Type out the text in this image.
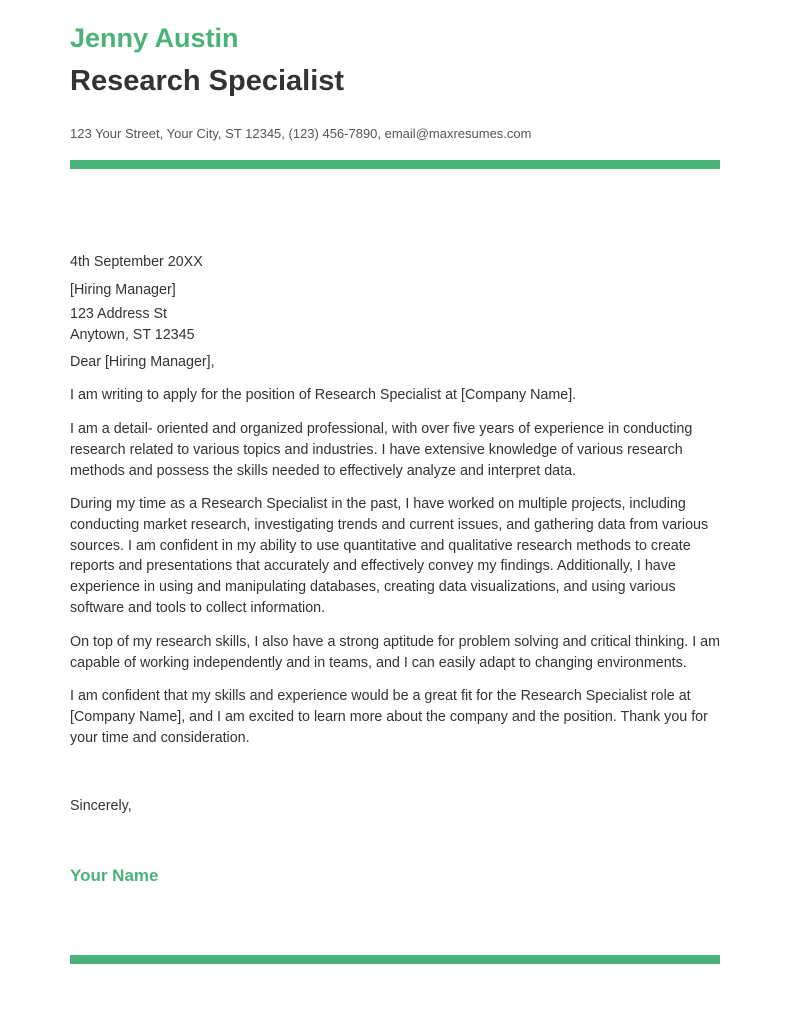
Jenny Austin
Research Specialist
123 Your Street, Your City, ST 12345, (123) 456-7890, email@maxresumes.com
4th September 20XX
[Hiring Manager]

123 Address St

Anytown, ST 12345

Dear [Hiring Manager],
I am writing to apply for the position of Research Specialist at [Company Name].
I am a detail- oriented and organized professional, with over five years of experience in conducting research related to various topics and industries. I have extensive knowledge of various research methods and possess the skills needed to effectively analyze and interpret data.
During my time as a Research Specialist in the past, I have worked on multiple projects, including conducting market research, investigating trends and current issues, and gathering data from various sources. I am confident in my ability to use quantitative and qualitative research methods to create reports and presentations that accurately and effectively convey my findings. Additionally, I have experience in using and manipulating databases, creating data visualizations, and using various software and tools to collect information.
On top of my research skills, I also have a strong aptitude for problem solving and critical thinking. I am capable of working independently and in teams, and I can easily adapt to changing environments.
I am confident that my skills and experience would be a great fit for the Research Specialist role at [Company Name], and I am excited to learn more about the company and the position. Thank you for your time and consideration.
Sincerely,
Your Name
